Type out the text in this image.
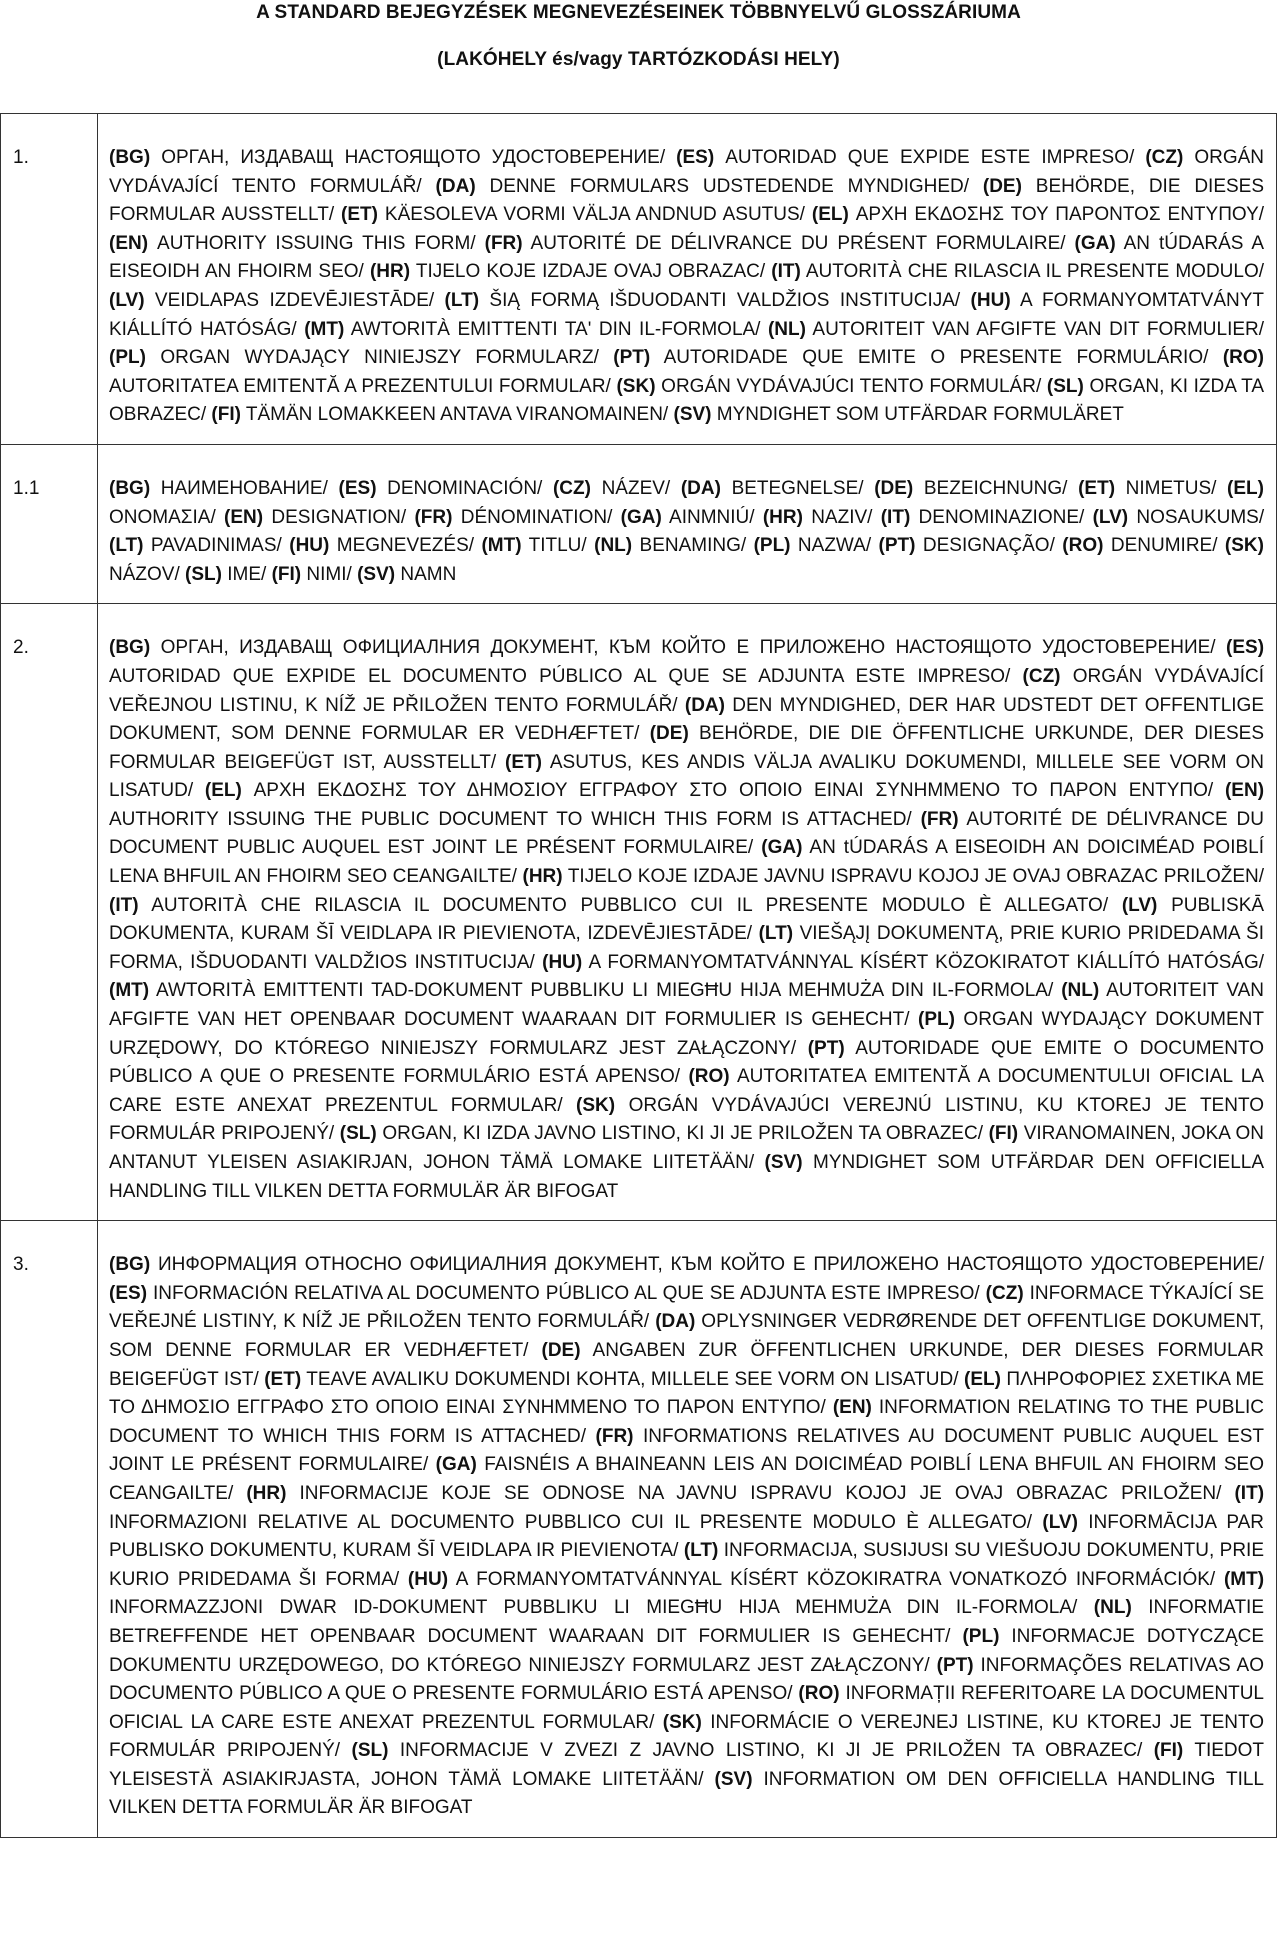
A STANDARD BEJEGYZÉSEK MEGNEVEZÉSEINEK TÖBBNYELVŰ GLOSSZÁRIUMA
(LAKÓHELY és/vagy TARTÓZKODÁSI HELY)
1.	(BG) ОРГАН, ИЗДАВАЩ НАСТОЯЩОТО УДОСТОВЕРЕНИЕ/ (ES) AUTORIDAD QUE EXPIDE ESTE IMPRESO/ (CZ) ORGÁN VYDÁVAJÍCÍ TENTO FORMULÁŘ/ (DA) DENNE FORMULARS UDSTEDENDE MYNDIGHED/ (DE) BEHÖRDE, DIE DIESES FORMULAR AUSSTELLT/ (ET) KÄESOLEVA VORMI VÄLJA ANDNUD ASUTUS/ (EL) ΑΡΧΗ ΕΚΔΟΣΗΣ ΤΟΥ ΠΑΡΟΝΤΟΣ ΕΝΤΥΠΟΥ/ (EN) AUTHORITY ISSUING THIS FORM/ (FR) AUTORITÉ DE DÉLIVRANCE DU PRÉSENT FORMULAIRE/ (GA) AN tÚDARÁS A EISEOIDH AN FHOIRM SEO/ (HR) TIJELO KOJE IZDAJE OVAJ OBRAZAC/ (IT) AUTORITÀ CHE RILASCIA IL PRESENTE MODULO/ (LV) VEIDLAPAS IZDEVĒJIESTĀDE/ (LT) ŠIĄ FORMĄ IŠDUODANTI VALDŽIOS INSTITUCIJA/ (HU) A FORMANYOMTATVÁNYT KIÁLLÍTÓ HATÓSÁG/ (MT) AWTORITÀ EMITTENTI TA' DIN IL-FORMOLA/ (NL) AUTORITEIT VAN AFGIFTE VAN DIT FORMULIER/ (PL) ORGAN WYDAJĄCY NINIEJSZY FORMULARZ/ (PT) AUTORIDADE QUE EMITE O PRESENTE FORMULÁRIO/ (RO) AUTORITATEA EMITENTĂ A PREZENTULUI FORMULAR/ (SK) ORGÁN VYDÁVAJÚCI TENTO FORMULÁR/ (SL) ORGAN, KI IZDA TA OBRAZEC/ (FI) TÄMÄN LOMAKKEEN ANTAVA VIRANOMAINEN/ (SV) MYNDIGHET SOM UTFÄRDAR FORMULÄRET
1.1	(BG) НАИМЕНОВАНИЕ/ (ES) DENOMINACIÓN/ (CZ) NÁZEV/ (DA) BETEGNELSE/ (DE) BEZEICHNUNG/ (ET) NIMETUS/ (EL) ΟΝΟΜΑΣΙΑ/ (EN) DESIGNATION/ (FR) DÉNOMINATION/ (GA) AINMNIÚ/ (HR) NAZIV/ (IT) DENOMINAZIONE/ (LV) NOSAUKUMS/ (LT) PAVADINIMAS/ (HU) MEGNEVEZÉS/ (MT) TITLU/ (NL) BENAMING/ (PL) NAZWA/ (PT) DESIGNAÇÃO/ (RO) DENUMIRE/ (SK) NÁZOV/ (SL) IME/ (FI) NIMI/ (SV) NAMN
2.	(BG) ОРГАН, ИЗДАВАЩ ОФИЦИАЛНИЯ ДОКУМЕНТ, КЪМ КОЙТО Е ПРИЛОЖЕНО НАСТОЯЩОТО УДОСТОВЕРЕНИЕ/ (ES) AUTORIDAD QUE EXPIDE EL DOCUMENTO PÚBLICO AL QUE SE ADJUNTA ESTE IMPRESO/ (CZ) ORGÁN VYDÁVAJÍCÍ VEŘEJNOU LISTINU, K NÍŽ JE PŘILOŽEN TENTO FORMULÁŘ/ (DA) DEN MYNDIGHED, DER HAR UDSTEDT DET OFFENTLIGE DOKUMENT, SOM DENNE FORMULAR ER VEDHÆFTET/ (DE) BEHÖRDE, DIE DIE ÖFFENTLICHE URKUNDE, DER DIESES FORMULAR BEIGEFÜGT IST, AUSSTELLT/ (ET) ASUTUS, KES ANDIS VÄLJA AVALIKU DOKUMENDI, MILLELE SEE VORM ON LISATUD/ (EL) ΑΡΧΗ ΕΚΔΟΣΗΣ ΤΟΥ ΔΗΜΟΣΙΟΥ ΕΓΓΡΑΦΟΥ ΣΤΟ ΟΠΟΙΟ ΕΙΝΑΙ ΣΥΝΗΜΜΕΝΟ ΤΟ ΠΑΡΟΝ ΕΝΤΥΠΟ/ (EN) AUTHORITY ISSUING THE PUBLIC DOCUMENT TO WHICH THIS FORM IS ATTACHED/ (FR) AUTORITÉ DE DÉLIVRANCE DU DOCUMENT PUBLIC AUQUEL EST JOINT LE PRÉSENT FORMULAIRE/ (GA) AN tÚDARÁS A EISEOIDH AN DOICIMÉAD POIBLÍ LENA BHFUIL AN FHOIRM SEO CEANGAILTE/ (HR) TIJELO KOJE IZDAJE JAVNU ISPRAVU KOJOJ JE OVAJ OBRAZAC PRILOŽEN/ (IT) AUTORITÀ CHE RILASCIA IL DOCUMENTO PUBBLICO CUI IL PRESENTE MODULO È ALLEGATO/ (LV) PUBLISKĀ DOKUMENTA, KURAM ŠĪ VEIDLAPA IR PIEVIENOTA, IZDEVĒJIESTĀDE/ (LT) VIEŠĄJĮ DOKUMENTĄ, PRIE KURIO PRIDEDAMA ŠI FORMA, IŠDUODANTI VALDŽIOS INSTITUCIJA/ (HU) A FORMANYOMTATVÁNNYAL KÍSÉRT KÖZOKIRATOT KIÁLLÍTÓ HATÓSÁG/ (MT) AWTORITÀ EMITTENTI TAD-DOKUMENT PUBBLIKU LI MIEGĦU HIJA MEHMUŻA DIN IL-FORMOLA/ (NL) AUTORITEIT VAN AFGIFTE VAN HET OPENBAAR DOCUMENT WAARAAN DIT FORMULIER IS GEHECHT/ (PL) ORGAN WYDAJĄCY DOKUMENT URZĘDOWY, DO KTÓREGO NINIEJSZY FORMULARZ JEST ZAŁĄCZONY/ (PT) AUTORIDADE QUE EMITE O DOCUMENTO PÚBLICO A QUE O PRESENTE FORMULÁRIO ESTÁ APENSO/ (RO) AUTORITATEA EMITENTĂ A DOCUMENTULUI OFICIAL LA CARE ESTE ANEXAT PREZENTUL FORMULAR/ (SK) ORGÁN VYDÁVAJÚCI VEREJNÚ LISTINU, KU KTOREJ JE TENTO FORMULÁR PRIPOJENÝ/ (SL) ORGAN, KI IZDA JAVNO LISTINO, KI JI JE PRILOŽEN TA OBRAZEC/ (FI) VIRANOMAINEN, JOKA ON ANTANUT YLEISEN ASIAKIRJAN, JOHON TÄMÄ LOMAKE LIITETÄÄN/ (SV) MYNDIGHET SOM UTFÄRDAR DEN OFFICIELLA HANDLING TILL VILKEN DETTA FORMULÄR ÄR BIFOGAT
3.	(BG) ИНФОРМАЦИЯ ОТНОСНО ОФИЦИАЛНИЯ ДОКУМЕНТ, КЪМ КОЙТО Е ПРИЛОЖЕНО НАСТОЯЩОТО УДОСТОВЕРЕНИЕ/ (ES) INFORMACIÓN RELATIVA AL DOCUMENTO PÚBLICO AL QUE SE ADJUNTA ESTE IMPRESO/ (CZ) INFORMACE TÝKAJÍCÍ SE VEŘEJNÉ LISTINY, K NÍŽ JE PŘILOŽEN TENTO FORMULÁŘ/ (DA) OPLYSNINGER VEDRØRENDE DET OFFENTLIGE DOKUMENT, SOM DENNE FORMULAR ER VEDHÆFTET/ (DE) ANGABEN ZUR ÖFFENTLICHEN URKUNDE, DER DIESES FORMULAR BEIGEFÜGT IST/ (ET) TEAVE AVALIKU DOKUMENDI KOHTA, MILLELE SEE VORM ON LISATUD/ (EL) ΠΛΗΡΟΦΟΡΙΕΣ ΣΧΕΤΙΚΑ ΜΕ ΤΟ ΔΗΜΟΣΙΟ ΕΓΓΡΑΦΟ ΣΤΟ ΟΠΟΙΟ ΕΙΝΑΙ ΣΥΝΗΜΜΕΝΟ ΤΟ ΠΑΡΟΝ ΕΝΤΥΠΟ/ (EN) INFORMATION RELATING TO THE PUBLIC DOCUMENT TO WHICH THIS FORM IS ATTACHED/ (FR) INFORMATIONS RELATIVES AU DOCUMENT PUBLIC AUQUEL EST JOINT LE PRÉSENT FORMULAIRE/ (GA) FAISNÉIS A BHAINEANN LEIS AN DOICIMÉAD POIBLÍ LENA BHFUIL AN FHOIRM SEO CEANGAILTE/ (HR) INFORMACIJE KOJE SE ODNOSE NA JAVNU ISPRAVU KOJOJ JE OVAJ OBRAZAC PRILOŽEN/ (IT) INFORMAZIONI RELATIVE AL DOCUMENTO PUBBLICO CUI IL PRESENTE MODULO È ALLEGATO/ (LV) INFORMĀCIJA PAR PUBLISKO DOKUMENTU, KURAM ŠĪ VEIDLAPA IR PIEVIENOTA/ (LT) INFORMACIJA, SUSIJUSI SU VIEŠUOJU DOKUMENTU, PRIE KURIO PRIDEDAMA ŠI FORMA/ (HU) A FORMANYOMTATVÁNNYAL KÍSÉRT KÖZOKIRATRA VONATKOZÓ INFORMÁCIÓK/ (MT) INFORMAZZJONI DWAR ID-DOKUMENT PUBBLIKU LI MIEGĦU HIJA MEHMUŻA DIN IL-FORMOLA/ (NL) INFORMATIE BETREFFENDE HET OPENBAAR DOCUMENT WAARAAN DIT FORMULIER IS GEHECHT/ (PL) INFORMACJE DOTYCZĄCE DOKUMENTU URZĘDOWEGO, DO KTÓREGO NINIEJSZY FORMULARZ JEST ZAŁĄCZONY/ (PT) INFORMAÇÕES RELATIVAS AO DOCUMENTO PÚBLICO A QUE O PRESENTE FORMULÁRIO ESTÁ APENSO/ (RO) INFORMAȚII REFERITOARE LA DOCUMENTUL OFICIAL LA CARE ESTE ANEXAT PREZENTUL FORMULAR/ (SK) INFORMÁCIE O VEREJNEJ LISTINE, KU KTOREJ JE TENTO FORMULÁR PRIPOJENÝ/ (SL) INFORMACIJE V ZVEZI Z JAVNO LISTINO, KI JI JE PRILOŽEN TA OBRAZEC/ (FI) TIEDOT YLEISESTÄ ASIAKIRJASTA, JOHON TÄMÄ LOMAKE LIITETÄÄN/ (SV) INFORMATION OM DEN OFFICIELLA HANDLING TILL VILKEN DETTA FORMULÄR ÄR BIFOGAT
